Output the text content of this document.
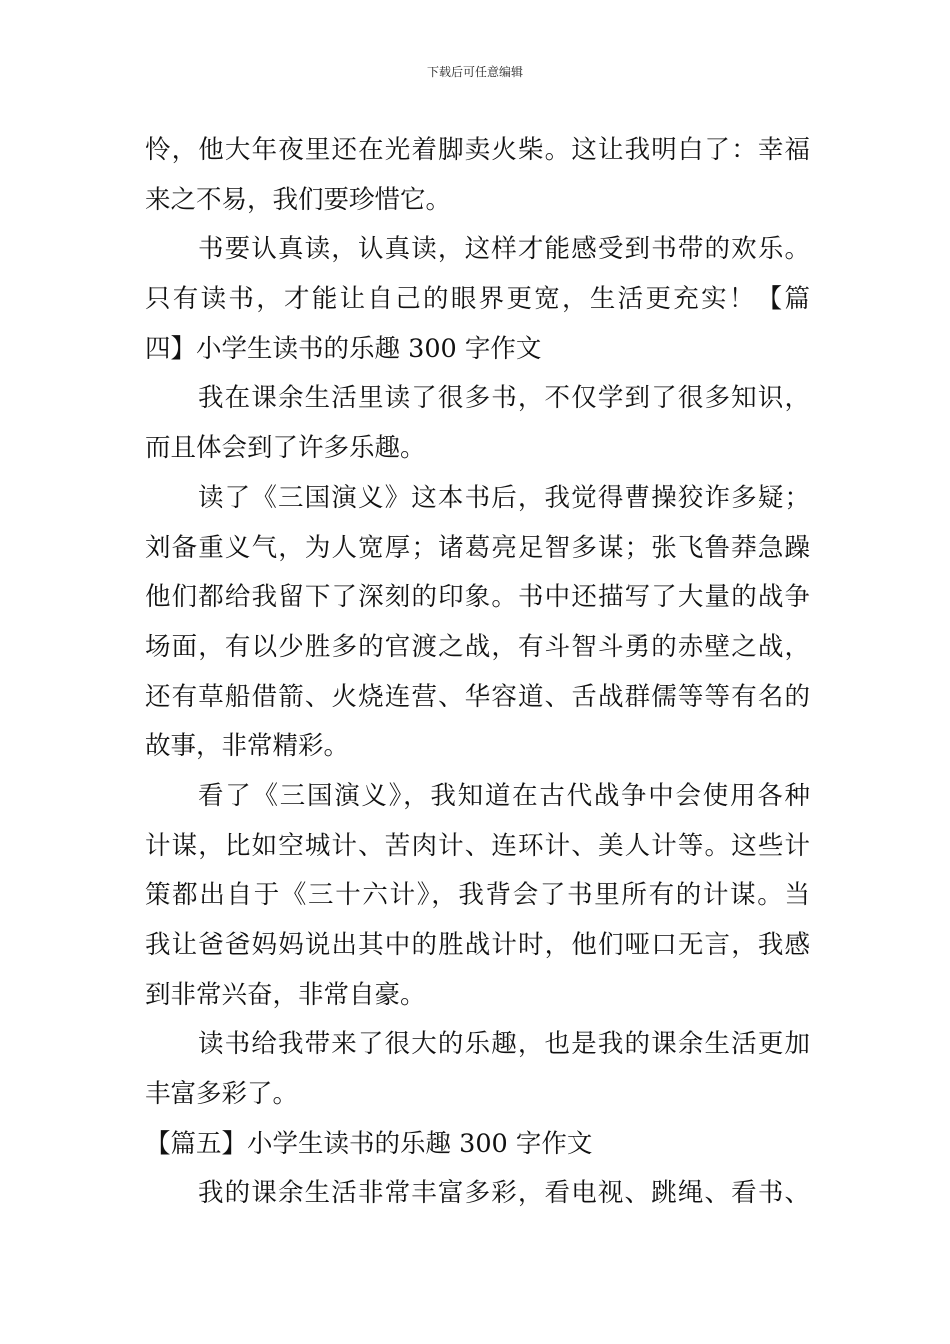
下载后可任意编辑
怜，他大年夜里还在光着脚卖火柴。这让我明白了：幸福
来之不易，我们要珍惜它。
书要认真读，认真读，这样才能感受到书带的欢乐。
只有读书，才能让自己的眼界更宽，生活更充实！【篇
四】小学生读书的乐趣 300 字作文
我在课余生活里读了很多书，不仅学到了很多知识，
而且体会到了许多乐趣。
读了《三国演义》这本书后，我觉得曹操狡诈多疑；
刘备重义气，为人宽厚；诸葛亮足智多谋；张飞鲁莽急躁
他们都给我留下了深刻的印象。书中还描写了大量的战争
场面，有以少胜多的官渡之战，有斗智斗勇的赤壁之战，
还有草船借箭、火烧连营、华容道、舌战群儒等等有名的
故事，非常精彩。
看了《三国演义》，我知道在古代战争中会使用各种
计谋，比如空城计、苦肉计、连环计、美人计等。这些计
策都出自于《三十六计》，我背会了书里所有的计谋。当
我让爸爸妈妈说出其中的胜战计时，他们哑口无言，我感
到非常兴奋，非常自豪。
读书给我带来了很大的乐趣，也是我的课余生活更加
丰富多彩了。
【篇五】小学生读书的乐趣 300 字作文
我的课余生活非常丰富多彩，看电视、跳绳、看书、
